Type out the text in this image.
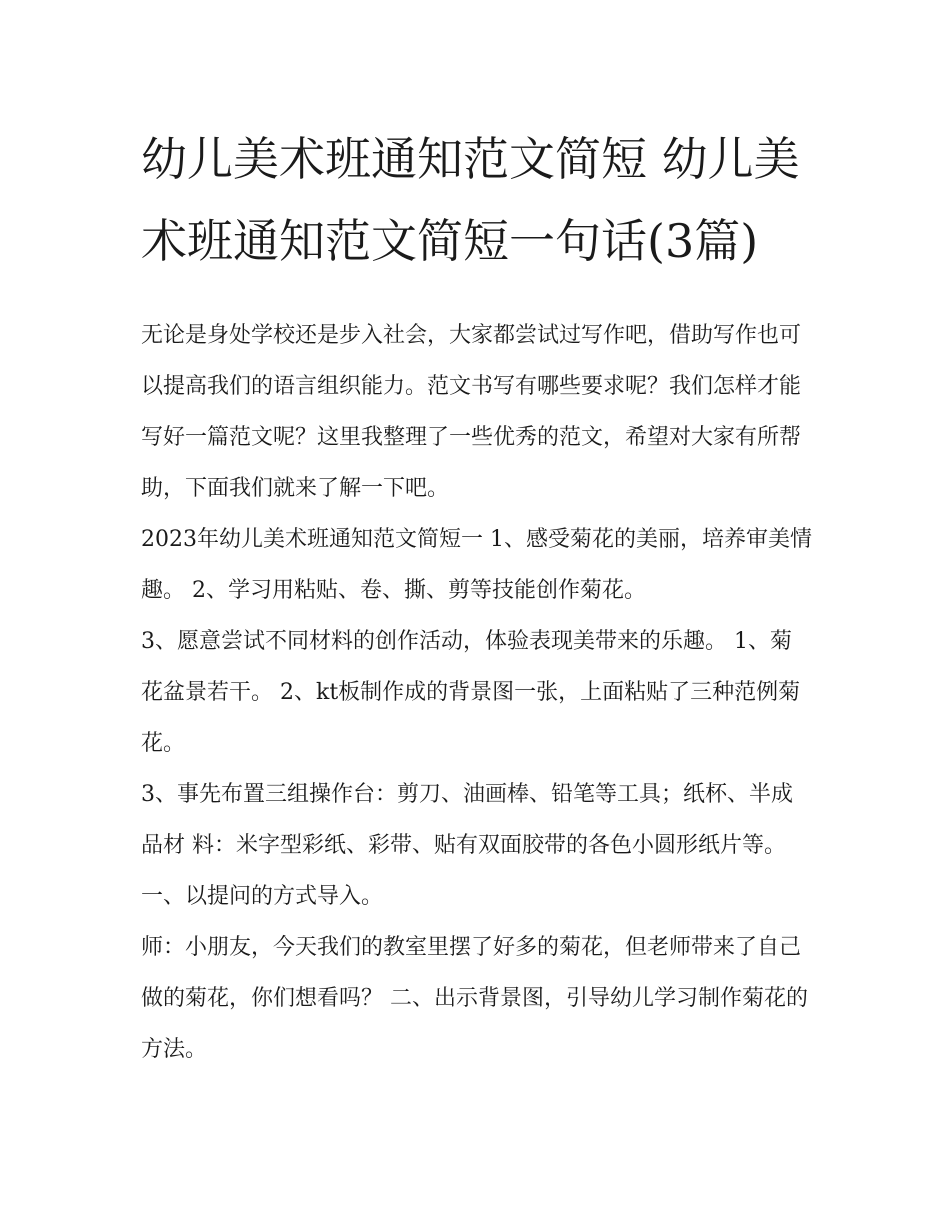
幼儿美术班通知范文简短 幼儿美术班通知范文简短一句话(3篇)

无论是身处学校还是步入社会，大家都尝试过写作吧，借助写作也可以提高我们的语言组织能力。范文书写有哪些要求呢？我们怎样才能写好一篇范文呢？这里我整理了一些优秀的范文，希望对大家有所帮助，下面我们就来了解一下吧。

2023年幼儿美术班通知范文简短一 1、感受菊花的美丽，培养审美情趣。 2、学习用粘贴、卷、撕、剪等技能创作菊花。

3、愿意尝试不同材料的创作活动，体验表现美带来的乐趣。 1、菊花盆景若干。 2、kt板制作成的背景图一张，上面粘贴了三种范例菊花。

3、事先布置三组操作台：剪刀、油画棒、铅笔等工具；纸杯、半成品材 料：米字型彩纸、彩带、贴有双面胶带的各色小圆形纸片等。 一、以提问的方式导入。

师：小朋友，今天我们的教室里摆了好多的菊花，但老师带来了自己做的菊花，你们想看吗？ 二、出示背景图，引导幼儿学习制作菊花的方法。
